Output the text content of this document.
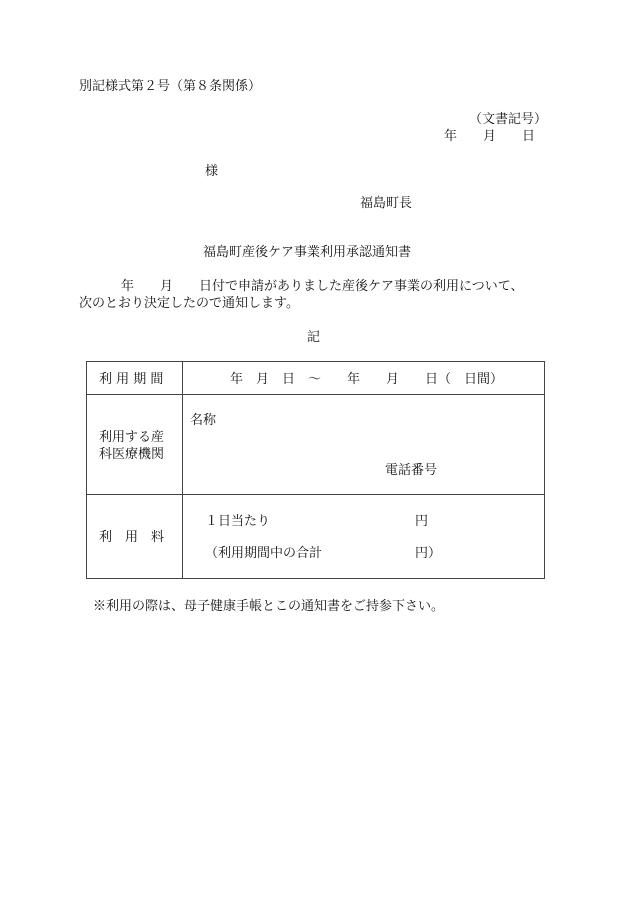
別記様式第２号（第８条関係）
（文書記号）
年　　月　　日
様
福島町長
福島町産後ケア事業利用承認通知書
年　　月　　日付で申請がありました産後ケア事業の利用について、
次のとおり決定したので通知します。
記
利 用 期 間	年　月　日　～　　年　　月　　日（　日間）

利用する産
科医療機関	名称
電話番号

利　用　料	１日当たり 円
（利用期間中の合計 円）
※利用の際は、母子健康手帳とこの通知書をご持参下さい。
